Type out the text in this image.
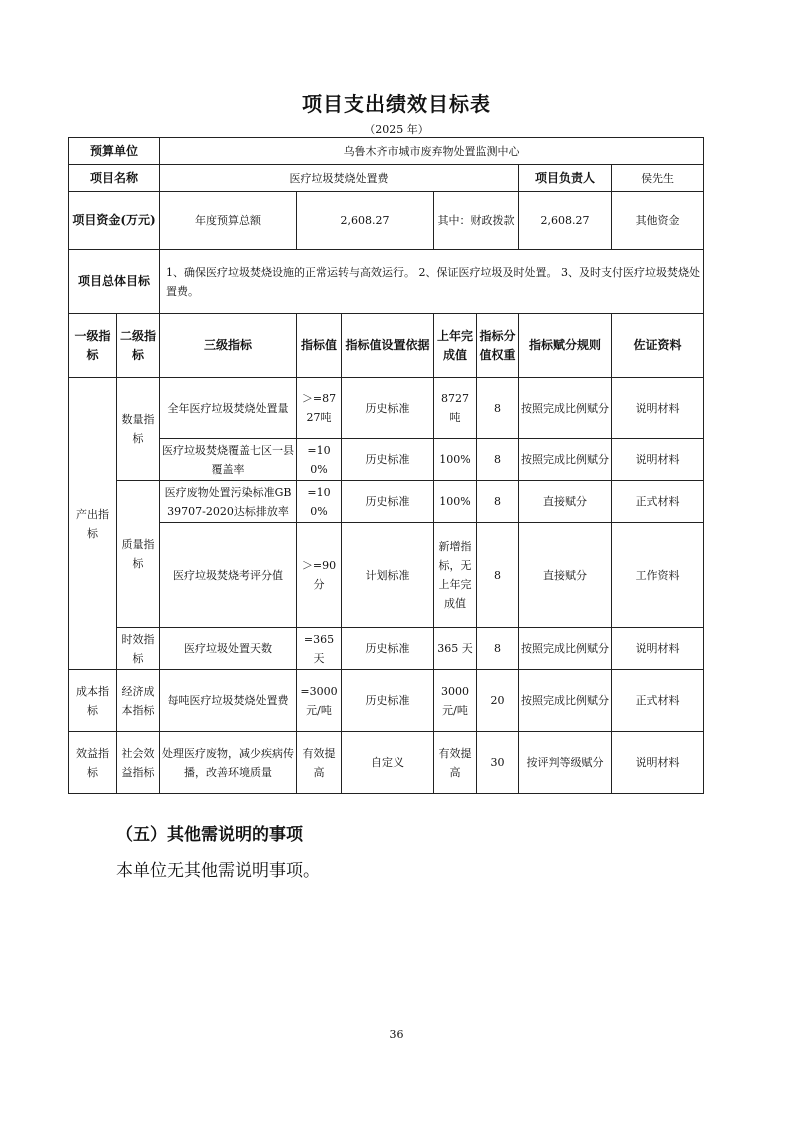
项目支出绩效目标表
（2025 年）
预算单位		乌鲁木齐市城市废弃物处置监测中心							
项目名称		医疗垃圾焚烧处置费					项目负责人	侯先生	
项目资金(万元)		年度预算总额	2,608.27		其中：财政拨款		2,608.27	其他资金	
项目总体目标		1、确保医疗垃圾焚烧设施的正常运转与高效运行。 2、保证医疗垃圾及时处置。 3、及时支付医疗垃圾焚烧处置费。							
一级指标	二级指标	三级指标	指标值	指标值设置依据	上年完成值	指标分值权重	指标赋分规则	佐证资料	
产出指标	数量指标	全年医疗垃圾焚烧处置量	＞=8727吨	历史标准	8727吨	8	按照完成比例赋分	说明材料	
		医疗垃圾焚烧覆盖七区一县覆盖率	=100%	历史标准	100%	8	按照完成比例赋分	说明材料	
	质量指标	医疗废物处置污染标准GB39707-2020达标排放率	=100%	历史标准	100%	8	直接赋分	正式材料	
		医疗垃圾焚烧考评分值	＞=90分	计划标准	新增指标，无上年完成值	8	直接赋分	工作资料	
	时效指标	医疗垃圾处置天数	=365天	历史标准	365 天	8	按照完成比例赋分	说明材料	
成本指标	经济成本指标	每吨医疗垃圾焚烧处置费	=3000元/吨	历史标准	3000元/吨	20	按照完成比例赋分	正式材料	
效益指标	社会效益指标	处理医疗废物，减少疾病传播，改善环境质量	有效提高	自定义	有效提高	30	按评判等级赋分	说明材料	
（五）其他需说明的事项
本单位无其他需说明事项。
36
